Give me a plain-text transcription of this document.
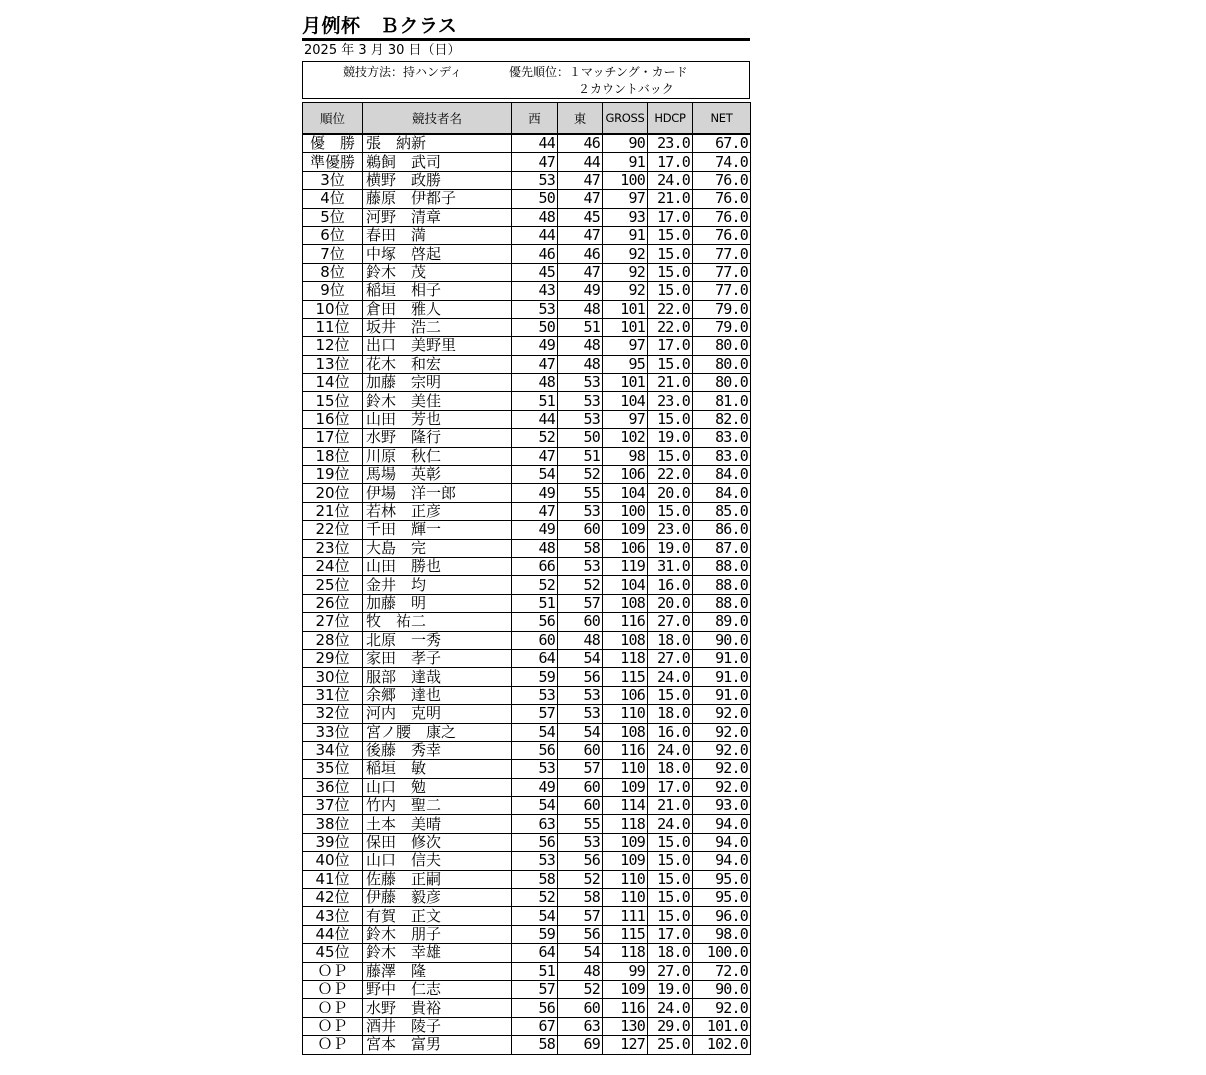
月例杯　Ｂクラス
2025 年 3 月 30 日（日）
競技方法：持ハンディ	優先順位：１マッチング・カード
２カウントバック
順位	競技者名	西	東	GROSS	HDCP	NET
優　勝	張　納新	44	46	90	23.0	67.0
準優勝	鵜飼　武司	47	44	91	17.0	74.0
3位	横野　政勝	53	47	100	24.0	76.0
4位	藤原　伊都子	50	47	97	21.0	76.0
5位	河野　清章	48	45	93	17.0	76.0
6位	春田　満	44	47	91	15.0	76.0
7位	中塚　啓起	46	46	92	15.0	77.0
8位	鈴木　茂	45	47	92	15.0	77.0
9位	稲垣　相子	43	49	92	15.0	77.0
10位	倉田　雅人	53	48	101	22.0	79.0
11位	坂井　浩二	50	51	101	22.0	79.0
12位	出口　美野里	49	48	97	17.0	80.0
13位	花木　和宏	47	48	95	15.0	80.0
14位	加藤　宗明	48	53	101	21.0	80.0
15位	鈴木　美佳	51	53	104	23.0	81.0
16位	山田　芳也	44	53	97	15.0	82.0
17位	水野　隆行	52	50	102	19.0	83.0
18位	川原　秋仁	47	51	98	15.0	83.0
19位	馬場　英彰	54	52	106	22.0	84.0
20位	伊場　洋一郎	49	55	104	20.0	84.0
21位	若林　正彦	47	53	100	15.0	85.0
22位	千田　輝一	49	60	109	23.0	86.0
23位	大島　完	48	58	106	19.0	87.0
24位	山田　勝也	66	53	119	31.0	88.0
25位	金井　均	52	52	104	16.0	88.0
26位	加藤　明	51	57	108	20.0	88.0
27位	牧　祐二	56	60	116	27.0	89.0
28位	北原　一秀	60	48	108	18.0	90.0
29位	家田　孝子	64	54	118	27.0	91.0
30位	服部　達哉	59	56	115	24.0	91.0
31位	余郷　達也	53	53	106	15.0	91.0
32位	河内　克明	57	53	110	18.0	92.0
33位	宮ノ腰　康之	54	54	108	16.0	92.0
34位	後藤　秀幸	56	60	116	24.0	92.0
35位	稲垣　敏	53	57	110	18.0	92.0
36位	山口　勉	49	60	109	17.0	92.0
37位	竹内　聖二	54	60	114	21.0	93.0
38位	土本　美晴	63	55	118	24.0	94.0
39位	保田　修次	56	53	109	15.0	94.0
40位	山口　信夫	53	56	109	15.0	94.0
41位	佐藤　正嗣	58	52	110	15.0	95.0
42位	伊藤　毅彦	52	58	110	15.0	95.0
43位	有賀　正文	54	57	111	15.0	96.0
44位	鈴木　朋子	59	56	115	17.0	98.0
45位	鈴木　幸雄	64	54	118	18.0	100.0
ＯＰ	藤澤　隆	51	48	99	27.0	72.0
ＯＰ	野中　仁志	57	52	109	19.0	90.0
ＯＰ	水野　貴裕	56	60	116	24.0	92.0
ＯＰ	酒井　陵子	67	63	130	29.0	101.0
ＯＰ	宮本　富男	58	69	127	25.0	102.0
